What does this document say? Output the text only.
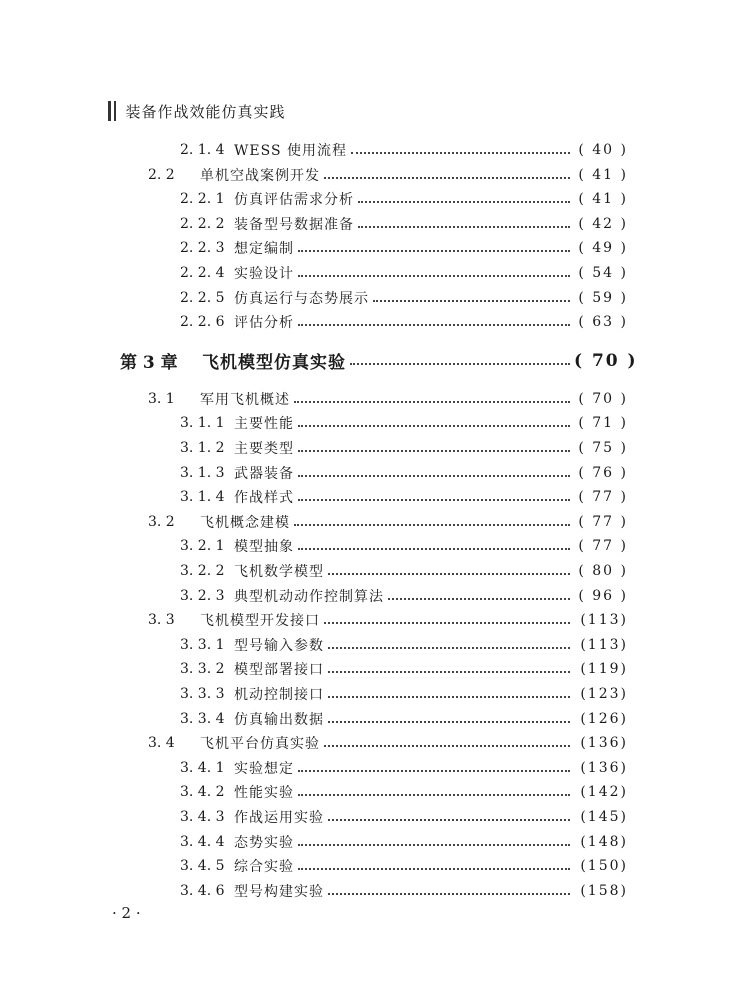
装备作战效能仿真实践
2. 1. 4 WESS 使用流程	( 40 )
2. 2	单机空战案例开发	( 41 )
2. 2. 1 仿真评估需求分析	( 41 )
2. 2. 2 装备型号数据准备	( 42 )
2. 2. 3 想定编制	( 49 )
2. 2. 4 实验设计	( 54 )
2. 2. 5 仿真运行与态势展示	( 59 )
2. 2. 6 评估分析	( 63 )
第 3 章	飞机模型仿真实验	( 70 )
3. 1	军用飞机概述	( 70 )
3. 1. 1 主要性能	( 71 )
3. 1. 2 主要类型	( 75 )
3. 1. 3 武器装备	( 76 )
3. 1. 4 作战样式	( 77 )
3. 2	飞机概念建模	( 77 )
3. 2. 1 模型抽象	( 77 )
3. 2. 2 飞机数学模型	( 80 )
3. 2. 3 典型机动动作控制算法	( 96 )
3. 3	飞机模型开发接口	(113)
3. 3. 1 型号输入参数	(113)
3. 3. 2 模型部署接口	(119)
3. 3. 3 机动控制接口	(123)
3. 3. 4 仿真输出数据	(126)
3. 4	飞机平台仿真实验	(136)
3. 4. 1 实验想定	(136)
3. 4. 2 性能实验	(142)
3. 4. 3 作战运用实验	(145)
3. 4. 4 态势实验	(148)
3. 4. 5 综合实验	(150)
3. 4. 6 型号构建实验	(158)
· 2 ·
